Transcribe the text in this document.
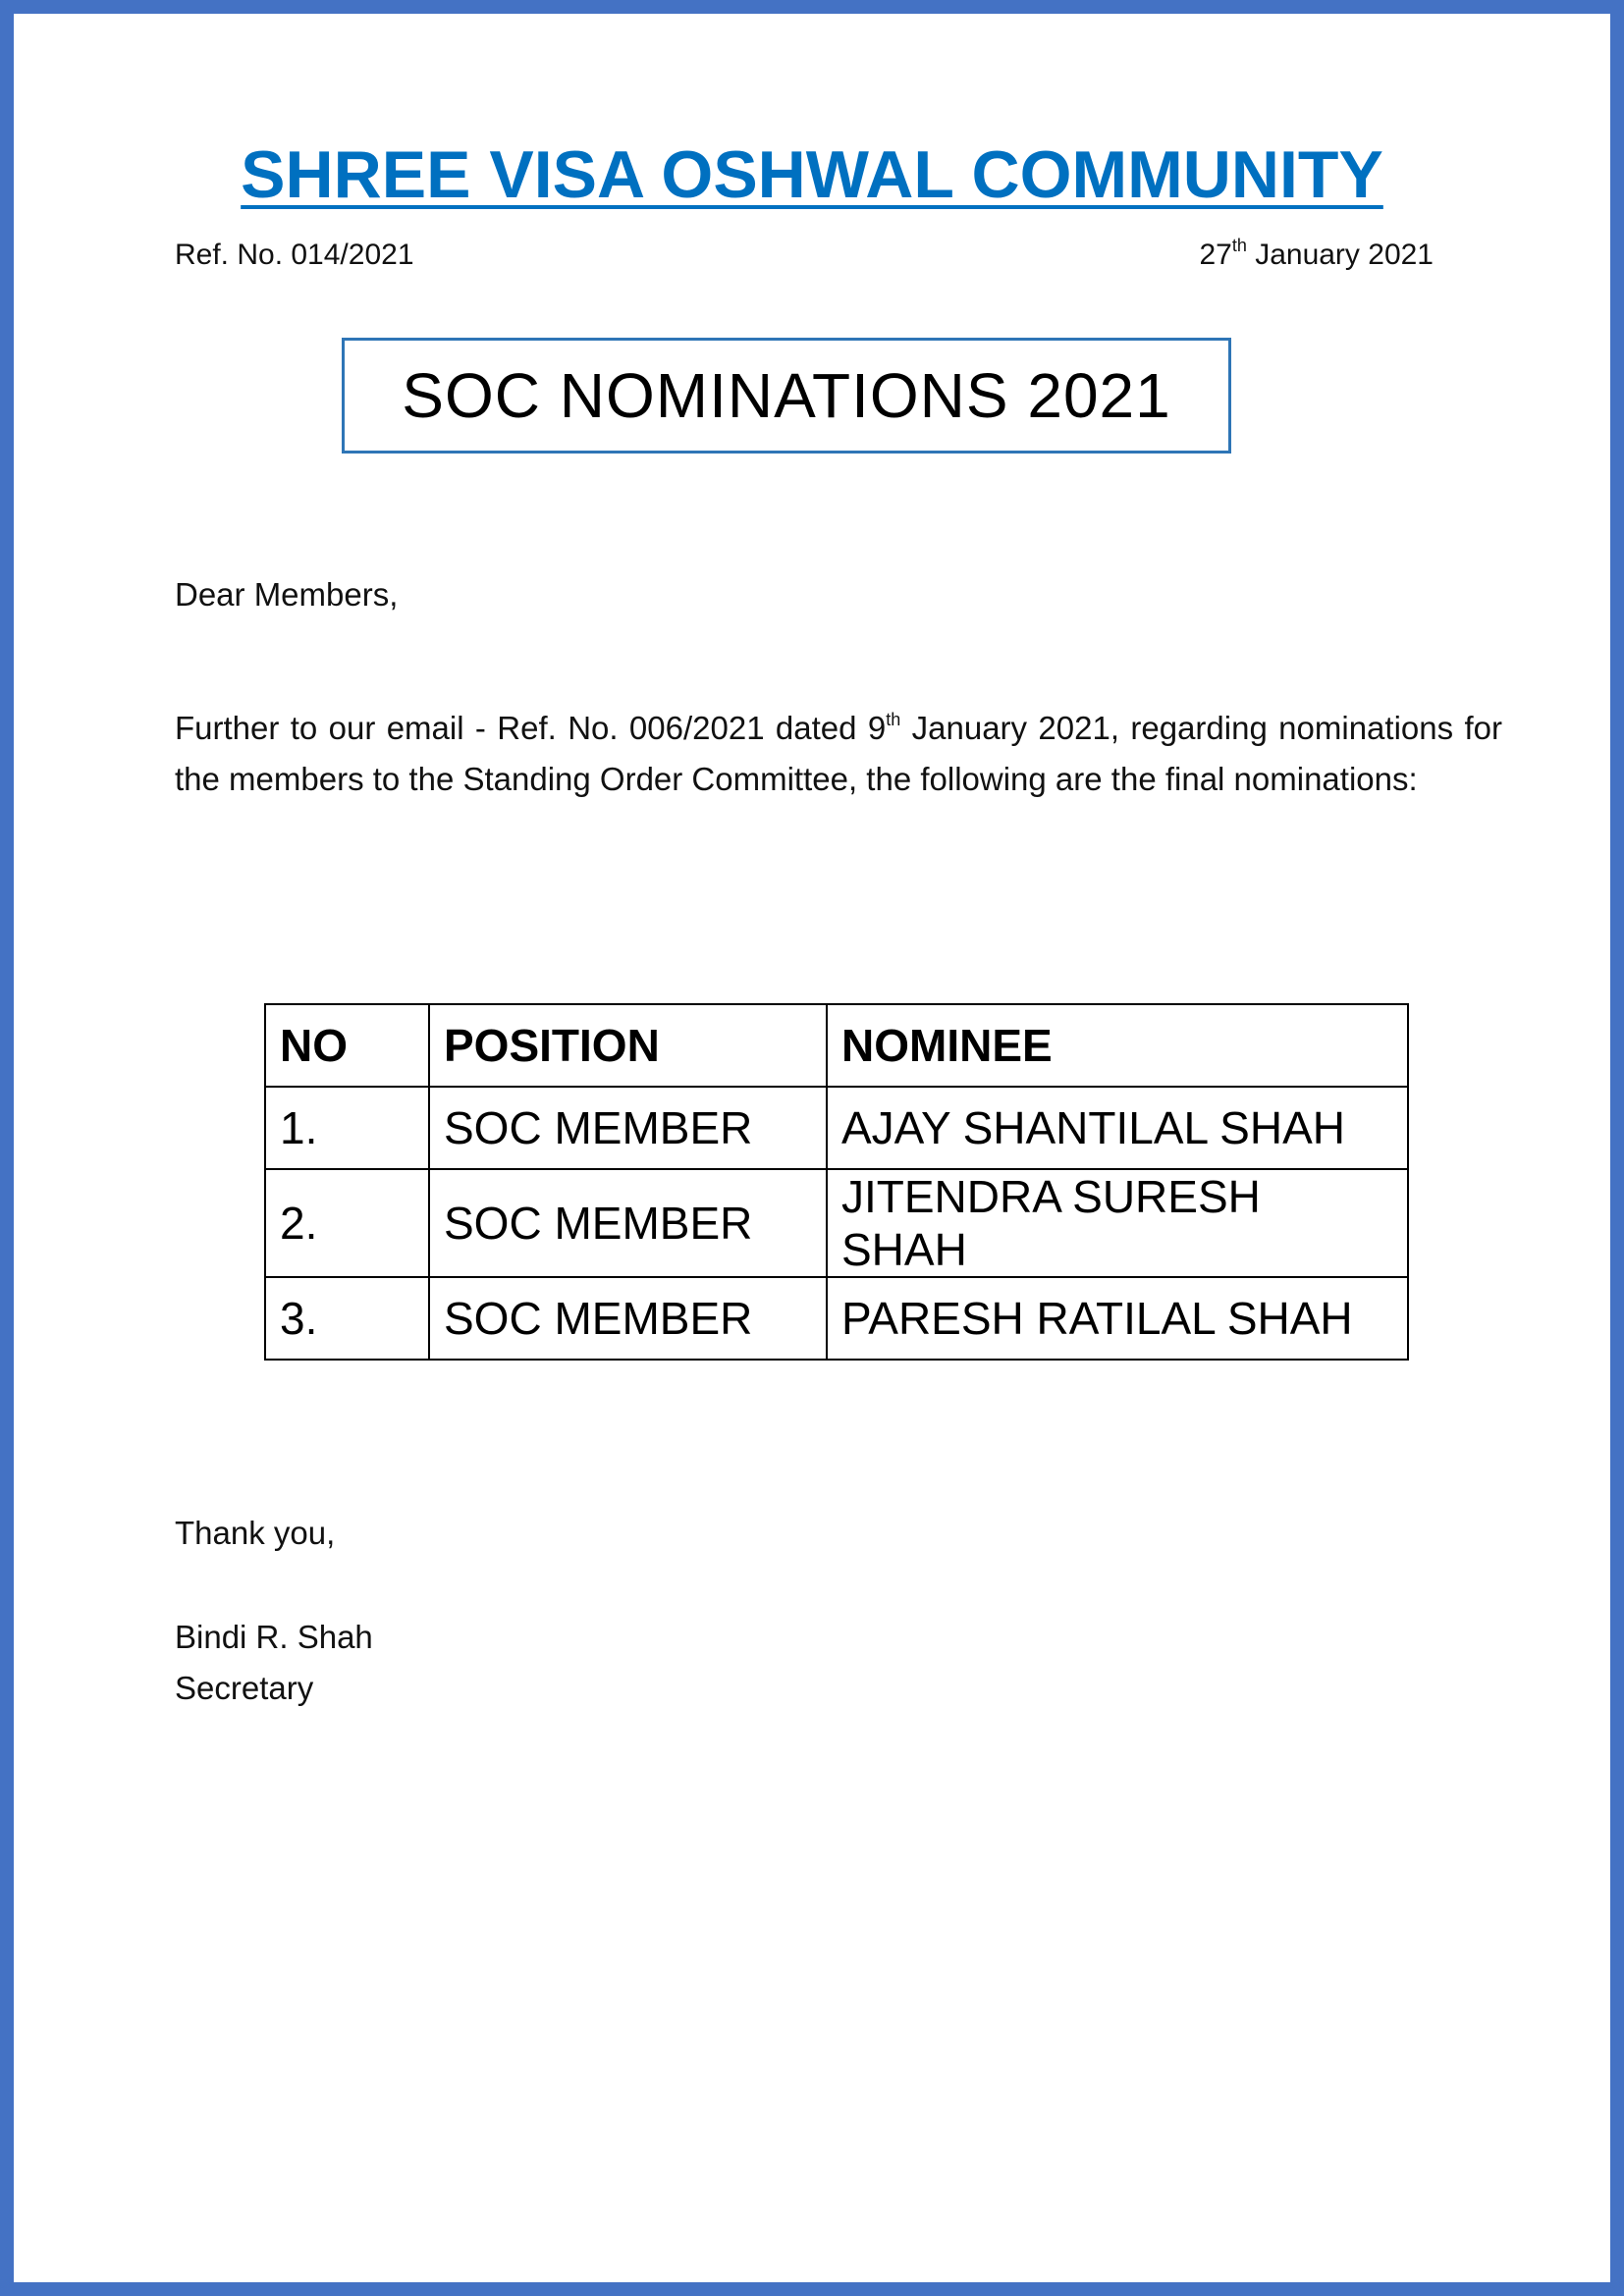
SHREE VISA OSHWAL COMMUNITY
Ref. No. 014/2021	27th January 2021
SOC NOMINATIONS 2021
Dear Members,
Further to our email - Ref. No. 006/2021 dated 9th January 2021, regarding nominations for the members to the Standing Order Committee, the following are the final nominations:
NO	POSITION	NOMINEE
1.	SOC MEMBER	AJAY SHANTILAL SHAH
2.	SOC MEMBER	JITENDRA SURESH SHAH
3.	SOC MEMBER	PARESH RATILAL SHAH
Thank you,
Bindi R. Shah
Secretary
